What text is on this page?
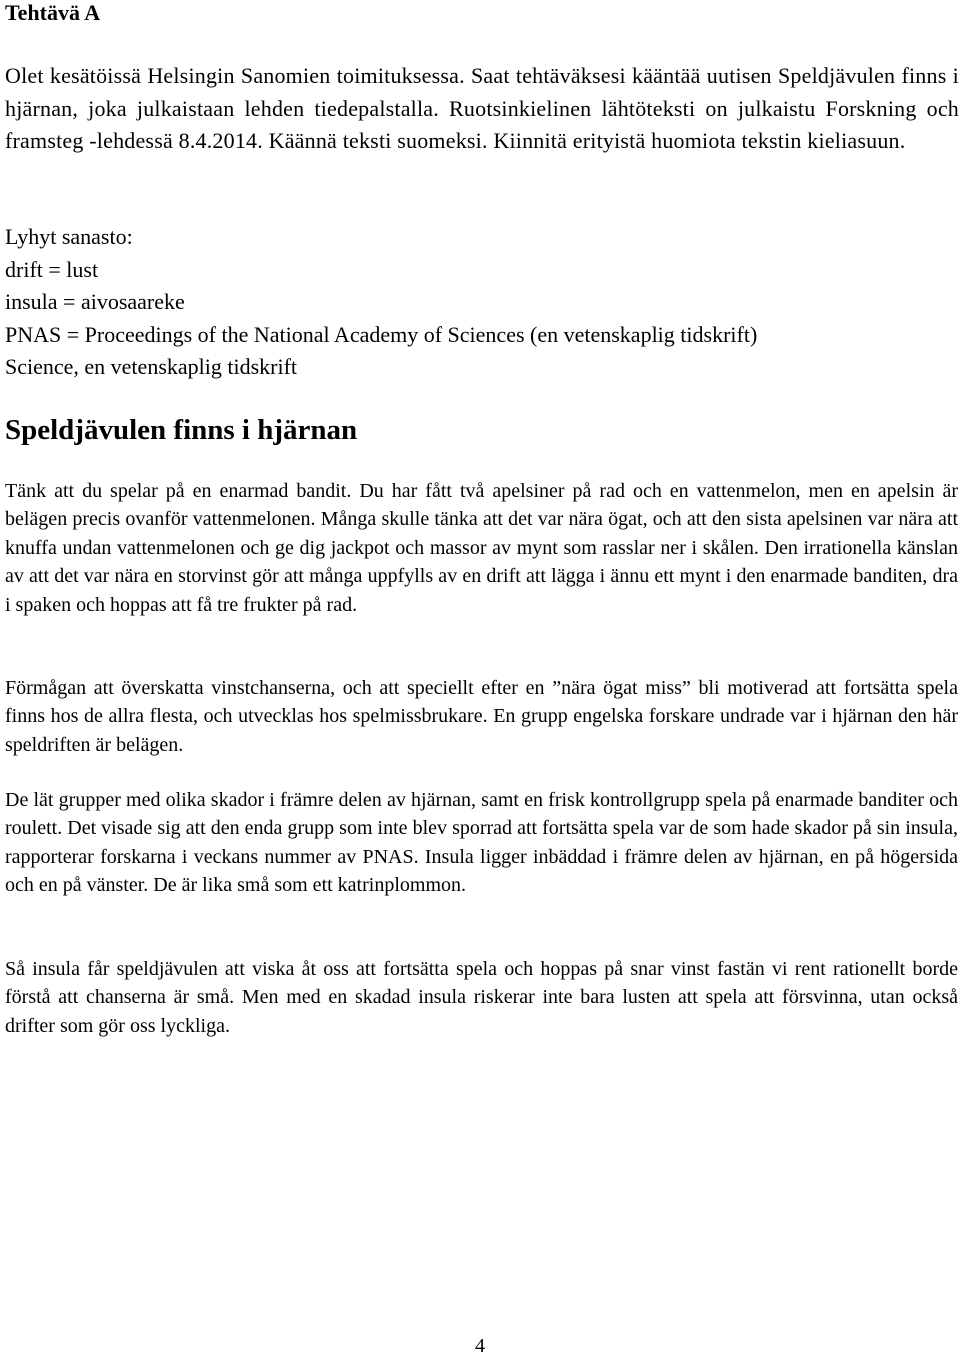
Tehtävä A

Olet kesätöissä Helsingin Sanomien toimituksessa. Saat tehtäväksesi kääntää uutisen Speldjävulen finns i hjärnan, joka julkaistaan lehden tiedepalstalla. Ruotsinkielinen lähtöteksti on julkaistu Forskning och framsteg -lehdessä 8.4.2014. Käännä teksti suomeksi. Kiinnitä erityistä huomiota tekstin kieliasuun.

Lyhyt sanasto:
drift = lust
insula = aivosaareke
PNAS = Proceedings of the National Academy of Sciences (en vetenskaplig tidskrift)
Science, en vetenskaplig tidskrift
Speldjävulen finns i hjärnan

Tänk att du spelar på en enarmad bandit. Du har fått två apelsiner på rad och en vattenmelon, men en apelsin är belägen precis ovanför vattenmelonen. Många skulle tänka att det var nära ögat, och att den sista apelsinen var nära att knuffa undan vattenmelonen och ge dig jackpot och massor av mynt som rasslar ner i skålen. Den irrationella känslan av att det var nära en storvinst gör att många uppfylls av en drift att lägga i ännu ett mynt i den enarmade banditen, dra i spaken och hoppas att få tre frukter på rad.

Förmågan att överskatta vinstchanserna, och att speciellt efter en ”nära ögat miss” bli motiverad att fortsätta spela finns hos de allra flesta, och utvecklas hos spelmissbrukare. En grupp engelska forskare undrade var i hjärnan den här speldriften är belägen.

De lät grupper med olika skador i främre delen av hjärnan, samt en frisk kontrollgrupp spela på enarmade banditer och roulett. Det visade sig att den enda grupp som inte blev sporrad att fortsätta spela var de som hade skador på sin insula, rapporterar forskarna i veckans nummer av PNAS. Insula ligger inbäddad i främre delen av hjärnan, en på högersida och en på vänster. De är lika små som ett katrinplommon.

Så insula får speldjävulen att viska åt oss att fortsätta spela och hoppas på snar vinst fastän vi rent rationellt borde förstå att chanserna är små. Men med en skadad insula riskerar inte bara lusten att spela att försvinna, utan också drifter som gör oss lyckliga.

4
